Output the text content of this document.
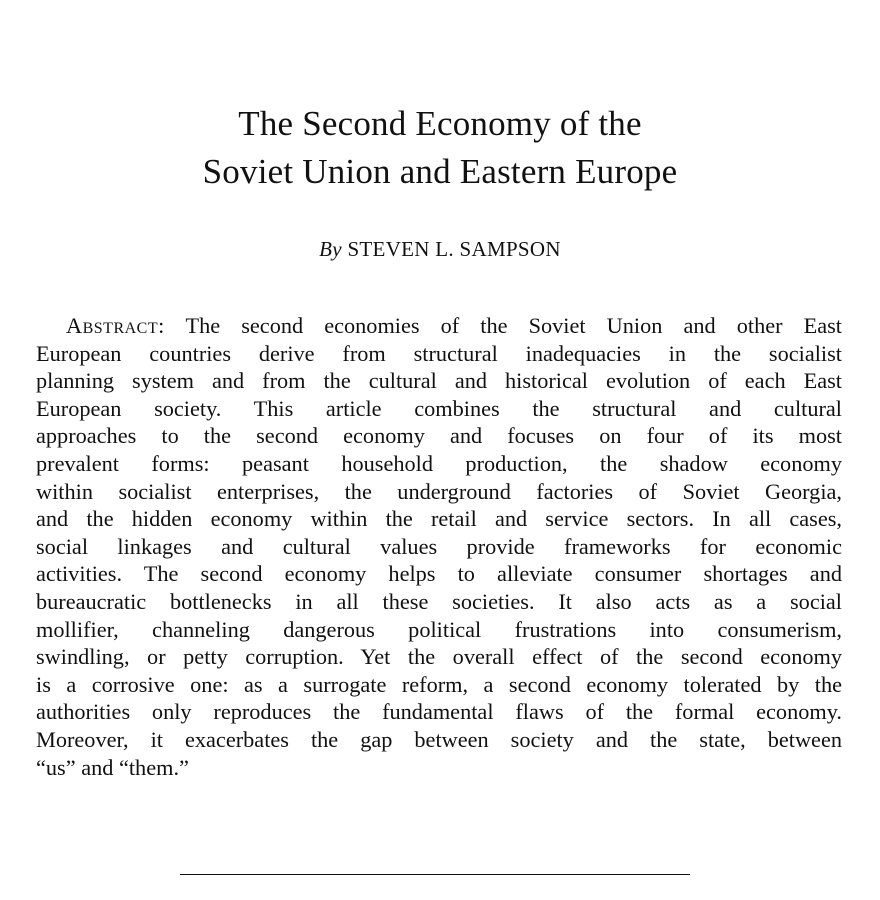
The Second Economy of the
Soviet Union and Eastern Europe
By STEVEN L. SAMPSON

Abstract: The second economies of the Soviet Union and other East
European countries derive from structural inadequacies in the socialist
planning system and from the cultural and historical evolution of each East
European society. This article combines the structural and cultural
approaches to the second economy and focuses on four of its most
prevalent forms: peasant household production, the shadow economy
within socialist enterprises, the underground factories of Soviet Georgia,
and the hidden economy within the retail and service sectors. In all cases,
social linkages and cultural values provide frameworks for economic
activities. The second economy helps to alleviate consumer shortages and
bureaucratic bottlenecks in all these societies. It also acts as a social
mollifier, channeling dangerous political frustrations into consumerism,
swindling, or petty corruption. Yet the overall effect of the second economy
is a corrosive one: as a surrogate reform, a second economy tolerated by the
authorities only reproduces the fundamental flaws of the formal economy.
Moreover, it exacerbates the gap between society and the state, between
“us” and “them.”
